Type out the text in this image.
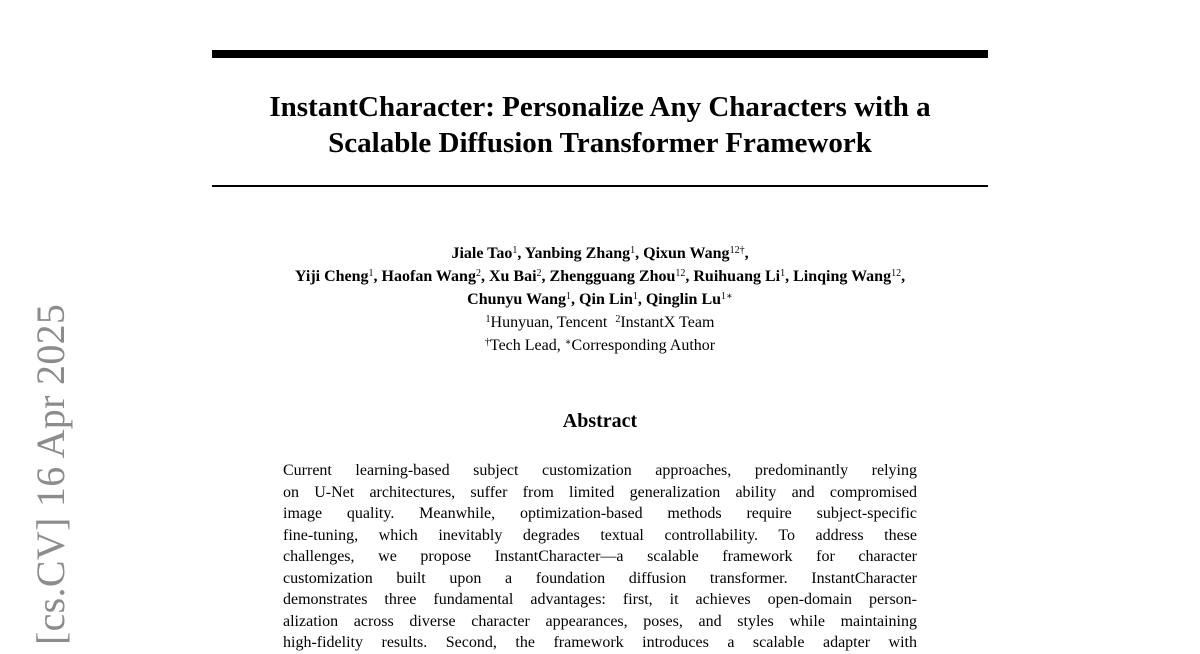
[cs.CV] 16 Apr 2025
InstantCharacter: Personalize Any Characters with a
Scalable Diffusion Transformer Framework
Jiale Tao$^1$, Yanbing Zhang$^1$, Qixun Wang$^{12\dagger}$,
Yiji Cheng$^1$, Haofan Wang$^2$, Xu Bai$^2$, Zhengguang Zhou$^{12}$, Ruihuang Li$^1$, Linqing Wang$^{12}$,
Chunyu Wang$^1$, Qin Lin$^1$, Qinglin $Lu^{1∗}$
$^1$Hunyuan, Tencent  $^2$InstantX Team
†Tech Lead, ∗Corresponding Author
Abstract
Current learning-based subject customization approaches, predominantly relying
on U-Net architectures, suffer from limited generalization ability and compromised
image quality. Meanwhile, optimization-based methods require subject-specific
fine-tuning, which inevitably degrades textual controllability. To address these
challenges, we propose InstantCharacter—a scalable framework for character
customization built upon a foundation diffusion transformer. InstantCharacter
demonstrates three fundamental advantages: first, it achieves open-domain person-
alization across diverse character appearances, poses, and styles while maintaining
high-fidelity results. Second, the framework introduces a scalable adapter with
